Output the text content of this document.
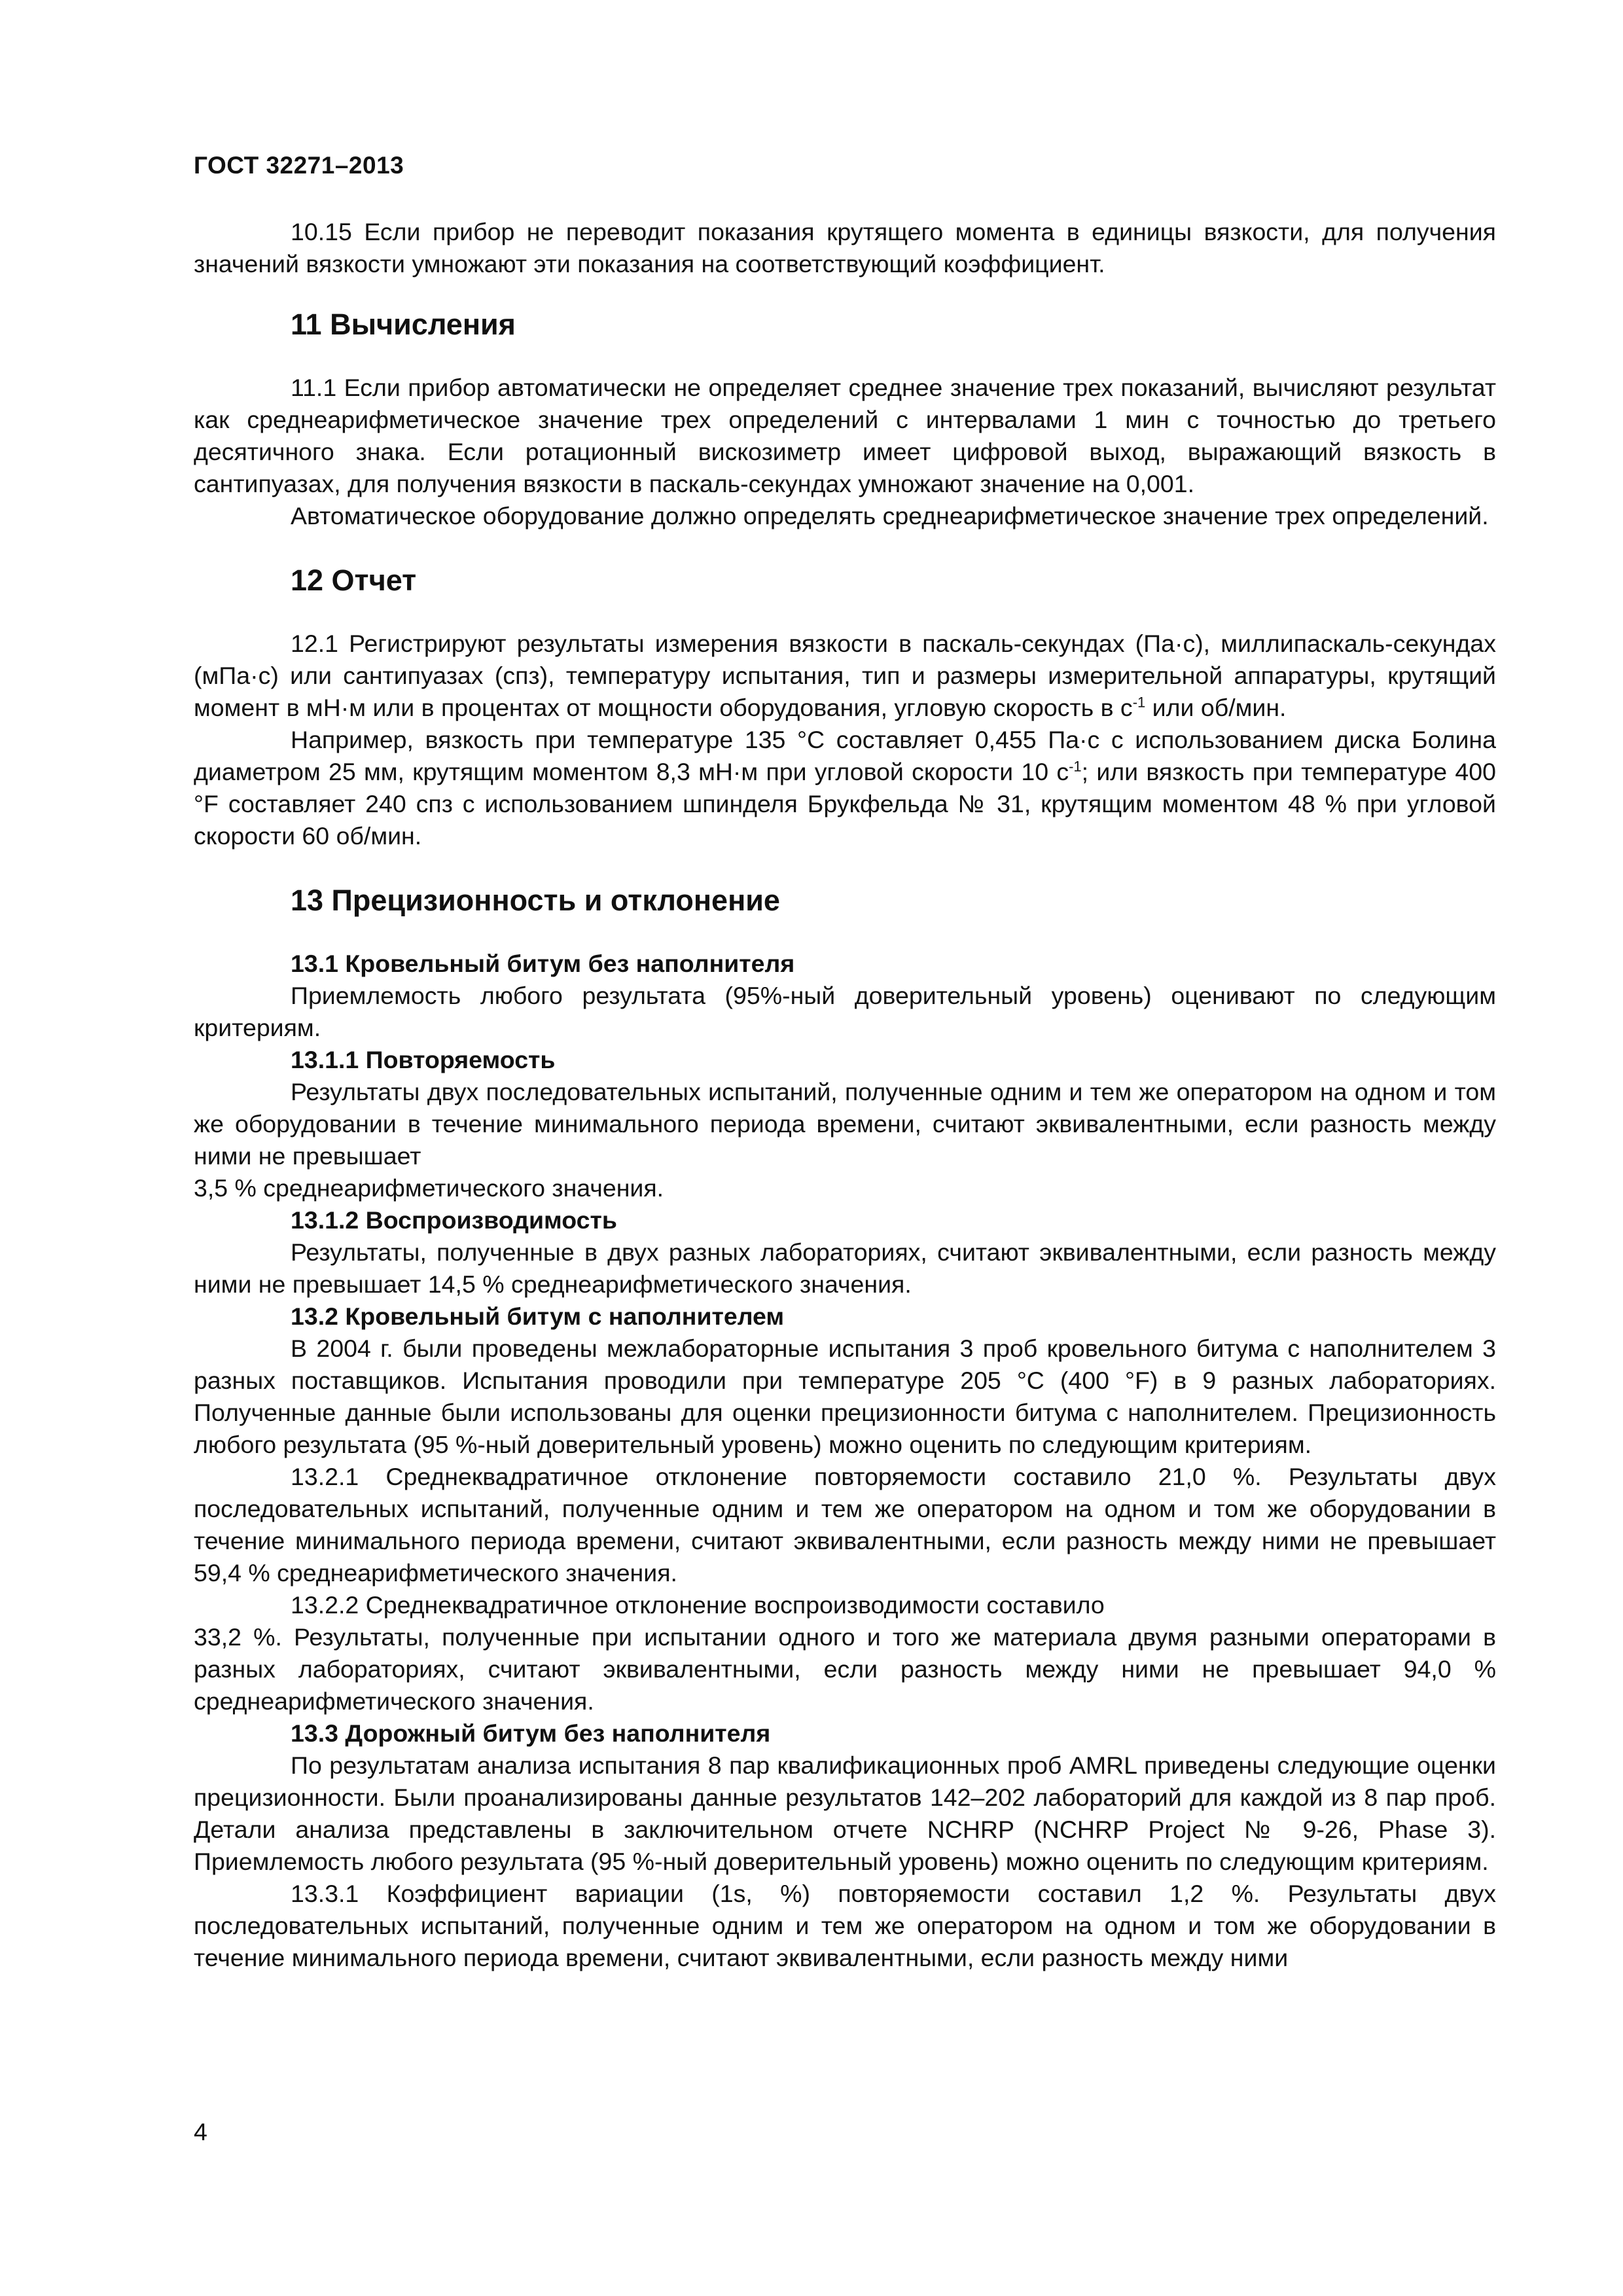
ГОСТ 32271–2013

10.15 Если прибор не переводит показания крутящего момента в единицы вязкости, для получения значений вязкости умножают эти показания на соответствующий коэффициент.

11 Вычисления

11.1 Если прибор автоматически не определяет среднее значение трех показаний, вычисляют результат как среднеарифметическое значение трех определений с интервалами 1 мин с точностью до третьего десятичного знака. Если ротационный вискозиметр имеет цифровой выход, выражающий вязкость в сантипуазах, для получения вязкости в паскаль-секундах умножают значение на 0,001.

Автоматическое оборудование должно определять среднеарифметическое значение трех определений.

12 Отчет

12.1 Регистрируют результаты измерения вязкости в паскаль-секундах (Па·с), миллипаскаль-секундах (мПа·с) или сантипуазах (спз), температуру испытания, тип и размеры измерительной аппаратуры, крутящий момент в мН·м или в процентах от мощности оборудования, угловую скорость в $с^{-1}$ или об/мин.

Например, вязкость при температуре 135 °С составляет 0,455 Па·с с использованием диска Болина диаметром 25 мм, крутящим моментом 8,3 мН·м при угловой скорости 10 $с^{-1}$; или вязкость при температуре 400 °F составляет 240 спз с использованием шпинделя Брукфельда № 31, крутящим моментом 48 % при угловой скорости 60 об/мин.

13 Прецизионность и отклонение
13.1 Кровельный битум без наполнителя

Приемлемость любого результата (95%-ный доверительный уровень) оценивают по следующим критериям.

13.1.1 Повторяемость

Результаты двух последовательных испытаний, полученные одним и тем же оператором на одном и том же оборудовании в течение минимального периода времени, считают эквивалентными, если разность между ними не превышает

3,5 % среднеарифметического значения.

13.1.2 Воспроизводимость

Результаты, полученные в двух разных лабораториях, считают эквивалентными, если разность между ними не превышает 14,5 % среднеарифметического значения.

13.2 Кровельный битум с наполнителем

В 2004 г. были проведены межлабораторные испытания 3 проб кровельного битума с наполнителем 3 разных поставщиков. Испытания проводили при температуре 205 °С (400 °F) в 9 разных лабораториях. Полученные данные были использованы для оценки прецизионности битума с наполнителем. Прецизионность любого результата (95 %-ный доверительный уровень) можно оценить по следующим критериям.

13.2.1 Среднеквадратичное отклонение повторяемости составило 21,0 %. Результаты двух последовательных испытаний, полученные одним и тем же оператором на одном и том же оборудовании в течение минимального периода времени, считают эквивалентными, если разность между ними не превышает 59,4 % среднеарифметического значения.

13.2.2 Среднеквадратичное отклонение воспроизводимости составило

33,2 %. Результаты, полученные при испытании одного и того же материала двумя разными операторами в разных лабораториях, считают эквивалентными, если разность между ними не превышает 94,0 % среднеарифметического значения.

13.3 Дорожный битум без наполнителя

По результатам анализа испытания 8 пар квалификационных проб AMRL приведены следующие оценки прецизионности. Были проанализированы данные результатов 142–202 лабораторий для каждой из 8 пар проб. Детали анализа представлены в заключительном отчете NCHRP (NCHRP Project № 9-26, Phase 3). Приемлемость любого результата (95 %-ный доверительный уровень) можно оценить по следующим критериям.

13.3.1 Коэффициент вариации (1s, %) повторяемости составил 1,2 %. Результаты двух последовательных испытаний, полученные одним и тем же оператором на одном и том же оборудовании в течение минимального периода времени, считают эквивалентными, если разность между ними

4
